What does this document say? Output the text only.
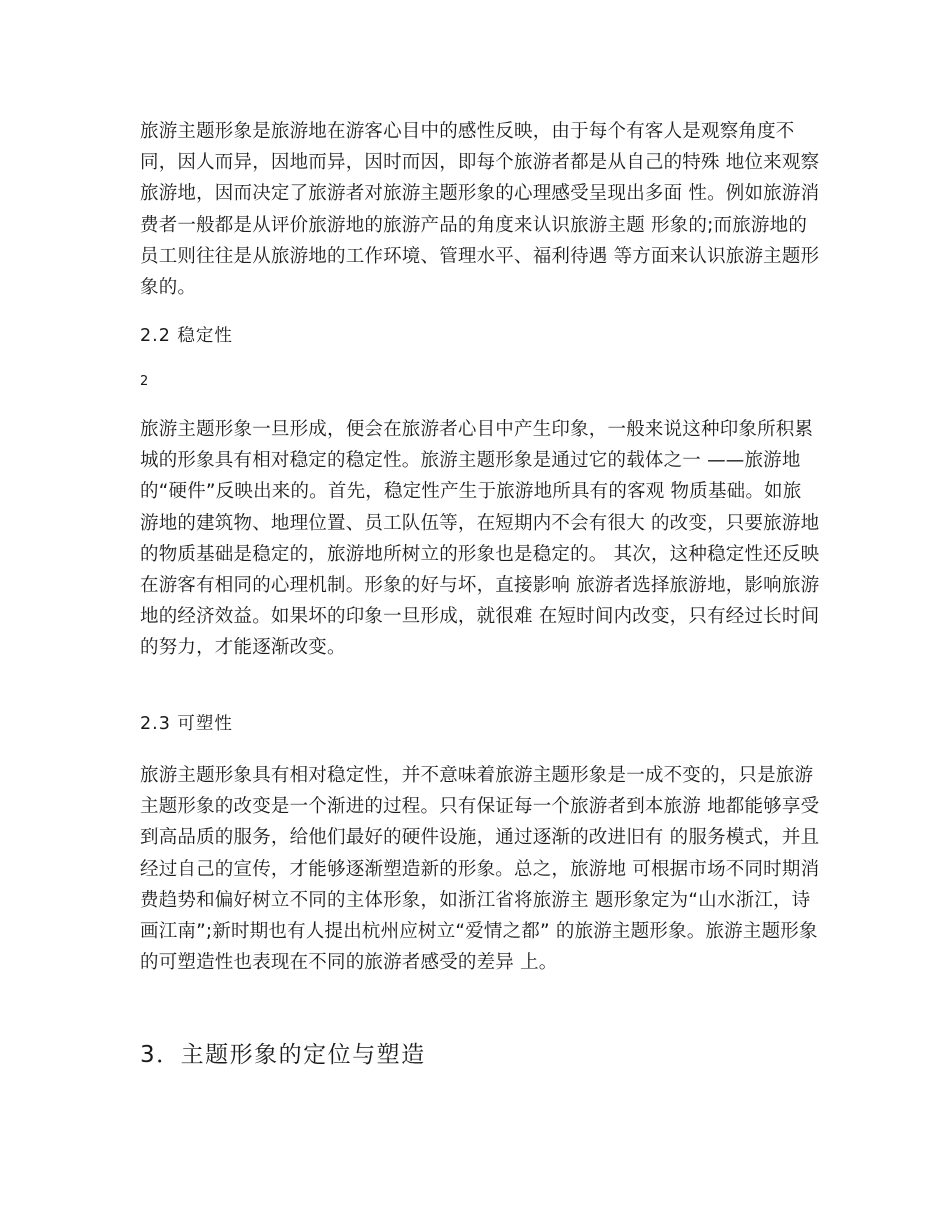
旅游主题形象是旅游地在游客心目中的感性反映，由于每个有客人是观察角度不同，因人而异，因地而异，因时而因，即每个旅游者都是从自己的特殊 地位来观察旅游地，因而决定了旅游者对旅游主题形象的心理感受呈现出多面 性。例如旅游消费者一般都是从评价旅游地的旅游产品的角度来认识旅游主题 形象的;而旅游地的员工则往往是从旅游地的工作环境、管理水平、福利待遇 等方面来认识旅游主题形象的。

2.2 稳定性

2

旅游主题形象一旦形成，便会在旅游者心目中产生印象，一般来说这种印象所积累城的形象具有相对稳定的稳定性。旅游主题形象是通过它的载体之一 ——旅游地的“硬件”反映出来的。首先，稳定性产生于旅游地所具有的客观 物质基础。如旅游地的建筑物、地理位置、员工队伍等，在短期内不会有很大 的改变，只要旅游地的物质基础是稳定的，旅游地所树立的形象也是稳定的。 其次，这种稳定性还反映在游客有相同的心理机制。形象的好与坏，直接影响 旅游者选择旅游地，影响旅游地的经济效益。如果坏的印象一旦形成，就很难 在短时间内改变，只有经过长时间的努力，才能逐渐改变。

2.3 可塑性

旅游主题形象具有相对稳定性，并不意味着旅游主题形象是一成不变的，只是旅游主题形象的改变是一个渐进的过程。只有保证每一个旅游者到本旅游 地都能够享受到高品质的服务，给他们最好的硬件设施，通过逐渐的改进旧有 的服务模式，并且经过自己的宣传，才能够逐渐塑造新的形象。总之，旅游地 可根据市场不同时期消费趋势和偏好树立不同的主体形象，如浙江省将旅游主 题形象定为“山水浙江，诗画江南”;新时期也有人提出杭州应树立“爱情之都” 的旅游主题形象。旅游主题形象的可塑造性也表现在不同的旅游者感受的差异 上。

3．主题形象的定位与塑造
